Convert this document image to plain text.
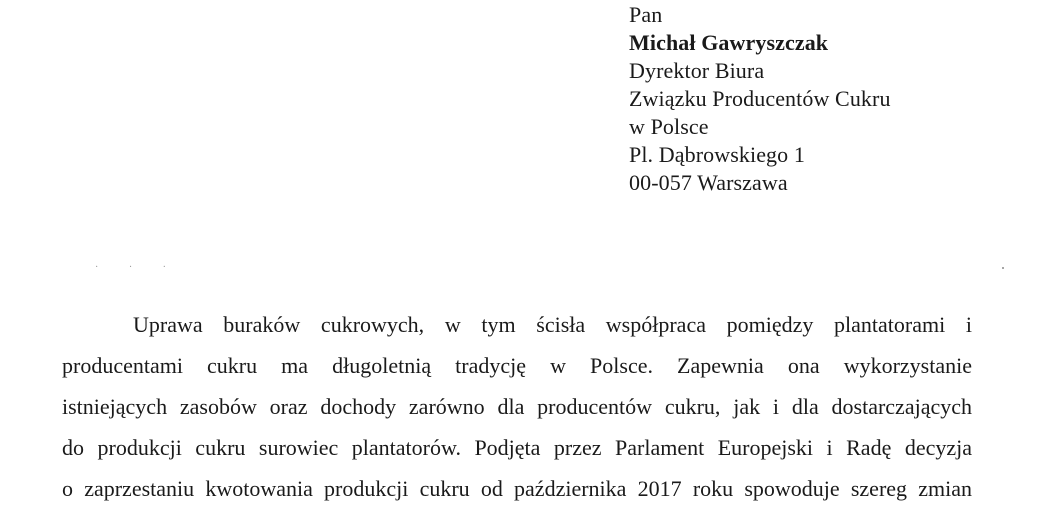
Pan
Michał Gawryszczak
Dyrektor Biura
Związku Producentów Cukru
w Polsce
Pl. Dąbrowskiego 1
00-057 Warszawa
· · ·
Uprawa buraków cukrowych, w tym ścisła współpraca pomiędzy plantatorami i
producentami cukru ma długoletnią tradycję w Polsce. Zapewnia ona wykorzystanie
istniejących zasobów oraz dochody zarówno dla producentów cukru, jak i dla dostarczających
do produkcji cukru surowiec plantatorów. Podjęta przez Parlament Europejski i Radę decyzja
o zaprzestaniu kwotowania produkcji cukru od października 2017 roku spowoduje szereg zmian
